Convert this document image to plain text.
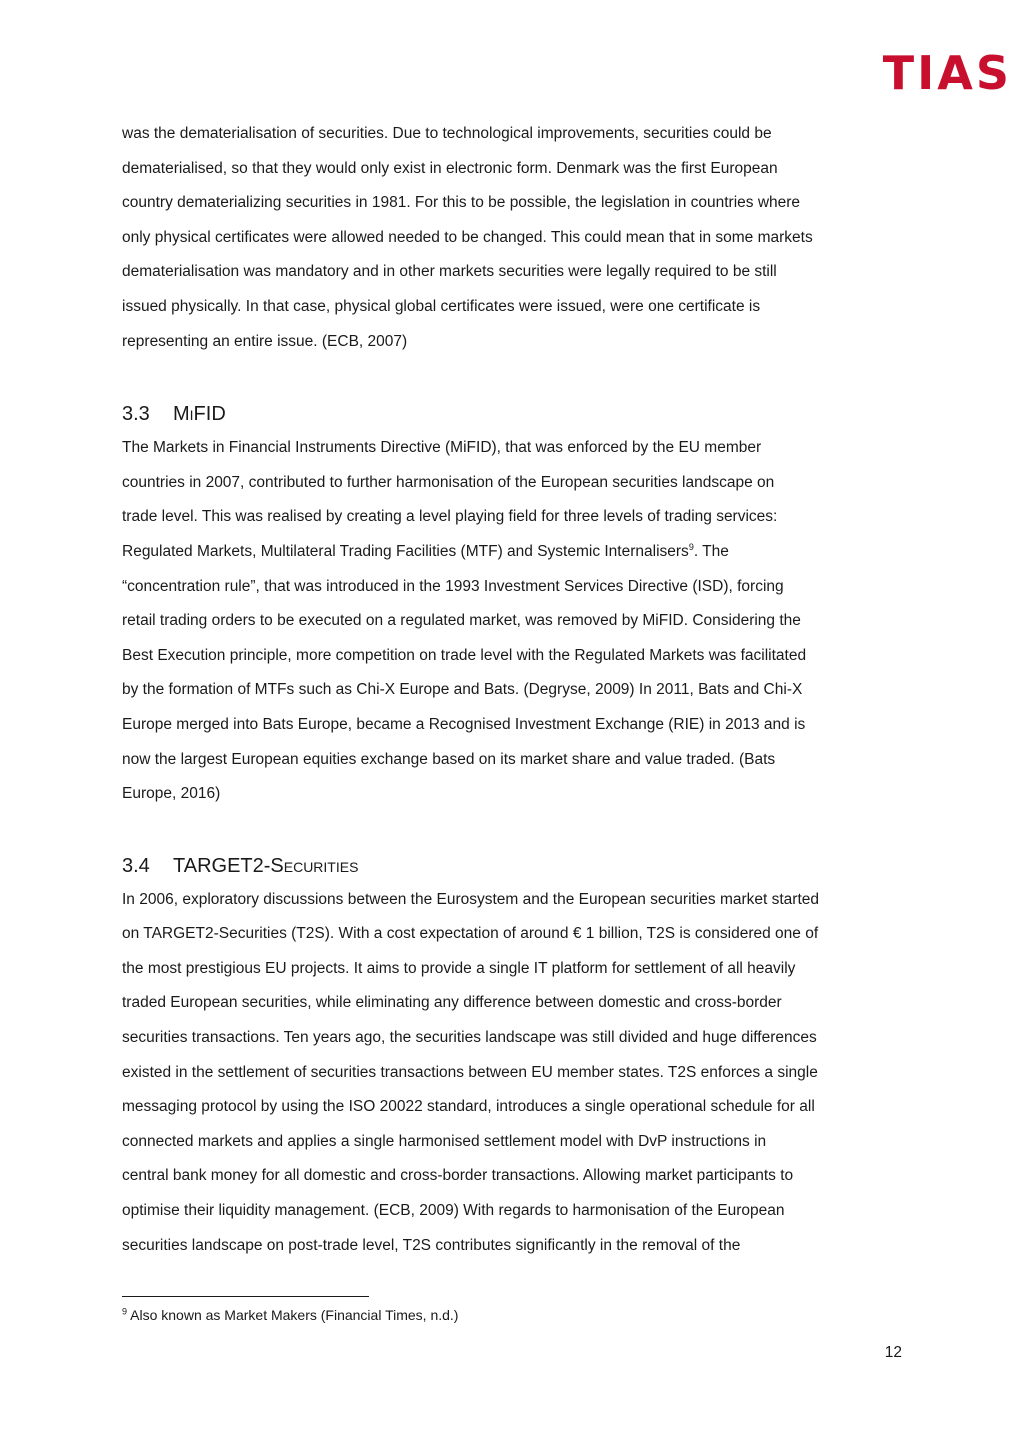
TIAS

was the dematerialisation of securities. Due to technological improvements, securities could be
dematerialised, so that they would only exist in electronic form. Denmark was the first European
country dematerializing securities in 1981. For this to be possible, the legislation in countries where
only physical certificates were allowed needed to be changed. This could mean that in some markets
dematerialisation was mandatory and in other markets securities were legally required to be still
issued physically. In that case, physical global certificates were issued, were one certificate is
representing an entire issue. (ECB, 2007)

3.3	MiFID

The Markets in Financial Instruments Directive (MiFID), that was enforced by the EU member
countries in 2007, contributed to further harmonisation of the European securities landscape on
trade level. This was realised by creating a level playing field for three levels of trading services:
Regulated Markets, Multilateral Trading Facilities (MTF) and Systemic Internalisers$^9$. The
“concentration rule”, that was introduced in the 1993 Investment Services Directive (ISD), forcing
retail trading orders to be executed on a regulated market, was removed by MiFID. Considering the
Best Execution principle, more competition on trade level with the Regulated Markets was facilitated
by the formation of MTFs such as Chi-X Europe and Bats. (Degryse, 2009) In 2011, Bats and Chi-X
Europe merged into Bats Europe, became a Recognised Investment Exchange (RIE) in 2013 and is
now the largest European equities exchange based on its market share and value traded. (Bats
Europe, 2016)

3.4	TARGET2-Securities

In 2006, exploratory discussions between the Eurosystem and the European securities market started
on TARGET2-Securities (T2S). With a cost expectation of around € 1 billion, T2S is considered one of
the most prestigious EU projects. It aims to provide a single IT platform for settlement of all heavily
traded European securities, while eliminating any difference between domestic and cross-border
securities transactions. Ten years ago, the securities landscape was still divided and huge differences
existed in the settlement of securities transactions between EU member states. T2S enforces a single
messaging protocol by using the ISO 20022 standard, introduces a single operational schedule for all
connected markets and applies a single harmonised settlement model with DvP instructions in
central bank money for all domestic and cross-border transactions. Allowing market participants to
optimise their liquidity management. (ECB, 2009) With regards to harmonisation of the European
securities landscape on post-trade level, T2S contributes significantly in the removal of the

$^9$ Also known as Market Makers (Financial Times, n.d.)
12
